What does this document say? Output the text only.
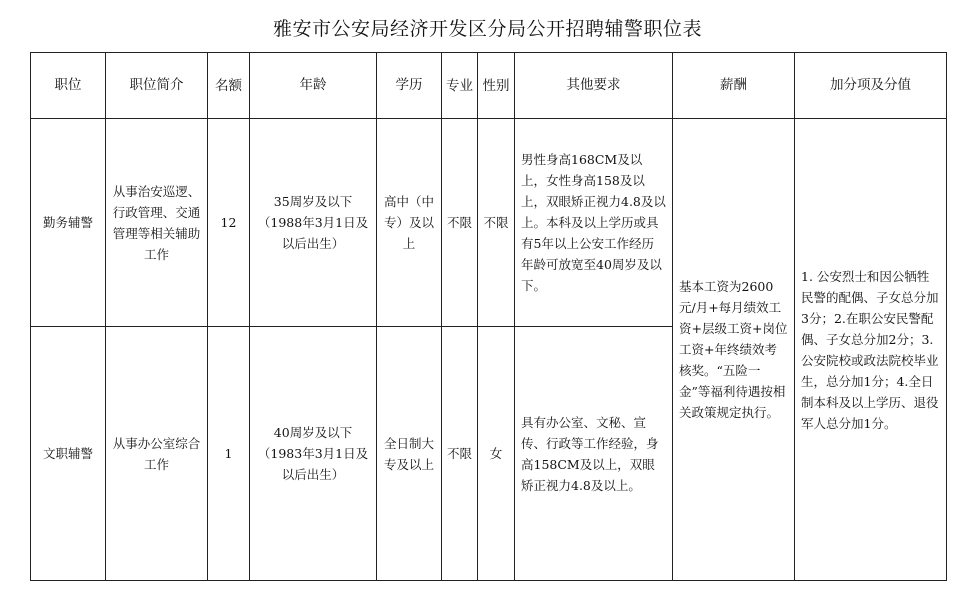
雅安市公安局经济开发区分局公开招聘辅警职位表
职位	职位简介	名额	年龄	学历	专业	性别	其他要求	薪酬	加分项及分值
勤务辅警	从事治安巡逻、行政管理、交通管理等相关辅助工作	12	35周岁及以下（1988年3月1日及以后出生）	高中（中专）及以上	不限	不限	男性身高168CM及以上，女性身高158及以上，双眼矫正视力4.8及以上。本科及以上学历或具有5年以上公安工作经历年龄可放宽至40周岁及以下。	基本工资为2600元/月+每月绩效工资+层级工资+岗位工资+年终绩效考核奖。“五险一金”等福利待遇按相关政策规定执行。	1. 公安烈士和因公牺牲民警的配偶、子女总分加3分；2.在职公安民警配偶、子女总分加2分；3.公安院校或政法院校毕业生，总分加1分；4.全日制本科及以上学历、退役军人总分加1分。
文职辅警	从事办公室综合工作	1	40周岁及以下（1983年3月1日及以后出生）	全日制大专及以上	不限	女	具有办公室、文秘、宣传、行政等工作经验，身高158CM及以上，双眼矫正视力4.8及以上。		
